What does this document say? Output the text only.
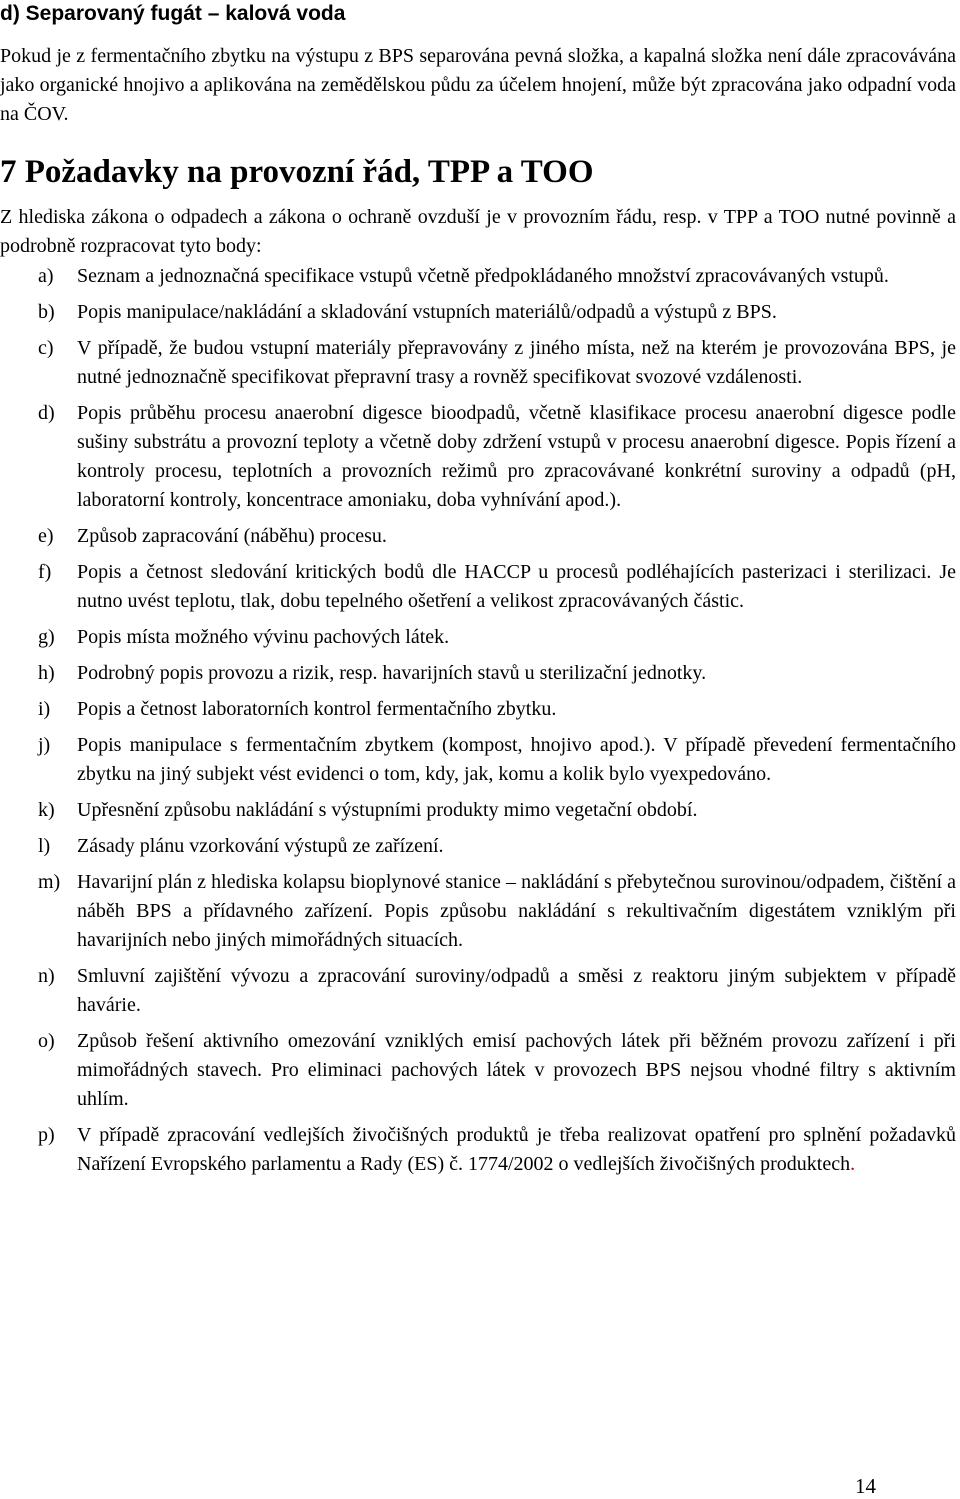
d) Separovaný fugát – kalová voda

Pokud je z fermentačního zbytku na výstupu z BPS separována pevná složka, a kapalná složka není dále zpracovávána jako organické hnojivo a aplikována na zemědělskou půdu za účelem hnojení, může být zpracována jako odpadní voda na ČOV.

7 Požadavky na provozní řád, TPP a TOO

Z hlediska zákona o odpadech a zákona o ochraně ovzduší je v provozním řádu, resp. v TPP a TOO nutné povinně a podrobně rozpracovat tyto body:

a) Seznam a jednoznačná specifikace vstupů včetně předpokládaného množství zpracovávaných vstupů.
b) Popis manipulace/nakládání a skladování vstupních materiálů/odpadů a výstupů z BPS.
c) V případě, že budou vstupní materiály přepravovány z jiného místa, než na kterém je provozována BPS, je nutné jednoznačně specifikovat přepravní trasy a rovněž specifikovat svozové vzdálenosti.
d) Popis průběhu procesu anaerobní digesce bioodpadů, včetně klasifikace procesu anaerobní digesce podle sušiny substrátu a provozní teploty a včetně doby zdržení vstupů v procesu anaerobní digesce. Popis řízení a kontroly procesu, teplotních a provozních režimů pro zpracovávané konkrétní suroviny a odpadů (pH, laboratorní kontroly, koncentrace amoniaku, doba vyhnívání apod.).
e) Způsob zapracování (náběhu) procesu.
f) Popis a četnost sledování kritických bodů dle HACCP u procesů podléhajících pasterizaci i sterilizaci. Je nutno uvést teplotu, tlak, dobu tepelného ošetření a velikost zpracovávaných částic.
g) Popis místa možného vývinu pachových látek.
h) Podrobný popis provozu a rizik, resp. havarijních stavů u sterilizační jednotky.
i) Popis a četnost laboratorních kontrol fermentačního zbytku.
j) Popis manipulace s fermentačním zbytkem (kompost, hnojivo apod.). V případě převedení fermentačního zbytku na jiný subjekt vést evidenci o tom, kdy, jak, komu a kolik bylo vyexpedováno.
k) Upřesnění způsobu nakládání s výstupními produkty mimo vegetační období.
l) Zásady plánu vzorkování výstupů ze zařízení.
m) Havarijní plán z hlediska kolapsu bioplynové stanice – nakládání s přebytečnou surovinou/odpadem, čištění a náběh BPS a přídavného zařízení. Popis způsobu nakládání s rekultivačním digestátem vzniklým při havarijních nebo jiných mimořádných situacích.
n) Smluvní zajištění vývozu a zpracování suroviny/odpadů a směsi z reaktoru jiným subjektem v případě havárie.
o) Způsob řešení aktivního omezování vzniklých emisí pachových látek při běžném provozu zařízení i při mimořádných stavech. Pro eliminaci pachových látek v provozech BPS nejsou vhodné filtry s aktivním uhlím.
p) V případě zpracování vedlejších živočišných produktů je třeba realizovat opatření pro splnění požadavků Nařízení Evropského parlamentu a Rady (ES) č. 1774/2002 o vedlejších živočišných produktech.
14
